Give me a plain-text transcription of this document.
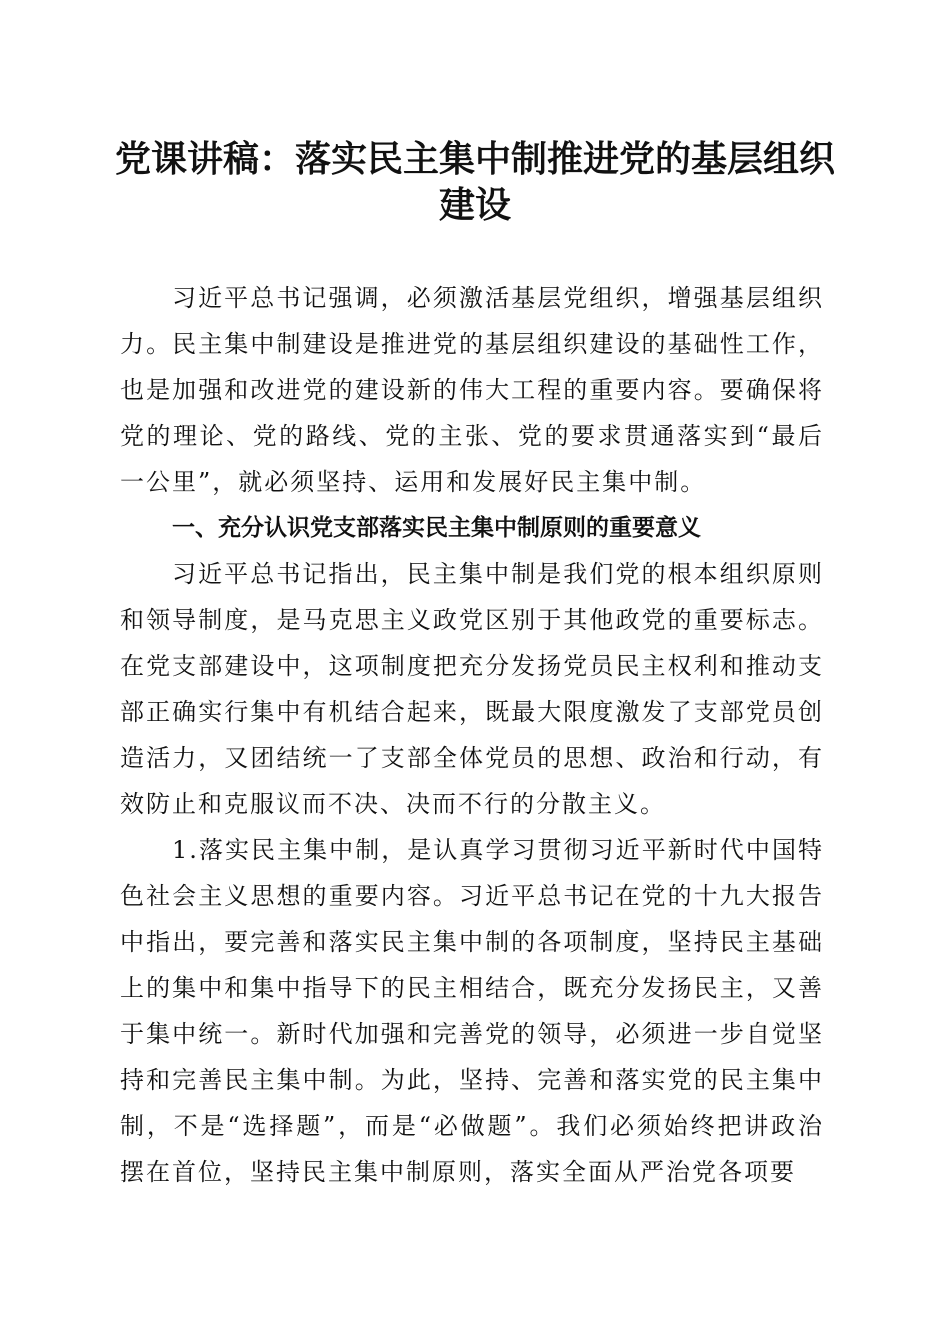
党课讲稿：落实民主集中制推进党的基层组织建设

习近平总书记强调，必须激活基层党组织，增强基层组织力。民主集中制建设是推进党的基层组织建设的基础性工作，也是加强和改进党的建设新的伟大工程的重要内容。要确保将党的理论、党的路线、党的主张、党的要求贯通落实到“最后一公里”，就必须坚持、运用和发展好民主集中制。

一、充分认识党支部落实民主集中制原则的重要意义

习近平总书记指出，民主集中制是我们党的根本组织原则和领导制度，是马克思主义政党区别于其他政党的重要标志。在党支部建设中，这项制度把充分发扬党员民主权利和推动支部正确实行集中有机结合起来，既最大限度激发了支部党员创造活力，又团结统一了支部全体党员的思想、政治和行动，有效防止和克服议而不决、决而不行的分散主义。

1.落实民主集中制，是认真学习贯彻习近平新时代中国特色社会主义思想的重要内容。习近平总书记在党的十九大报告中指出，要完善和落实民主集中制的各项制度，坚持民主基础上的集中和集中指导下的民主相结合，既充分发扬民主，又善于集中统一。新时代加强和完善党的领导，必须进一步自觉坚持和完善民主集中制。为此，坚持、完善和落实党的民主集中制，不是“选择题”，而是“必做题”。我们必须始终把讲政治摆在首位，坚持民主集中制原则，落实全面从严治党各项要
